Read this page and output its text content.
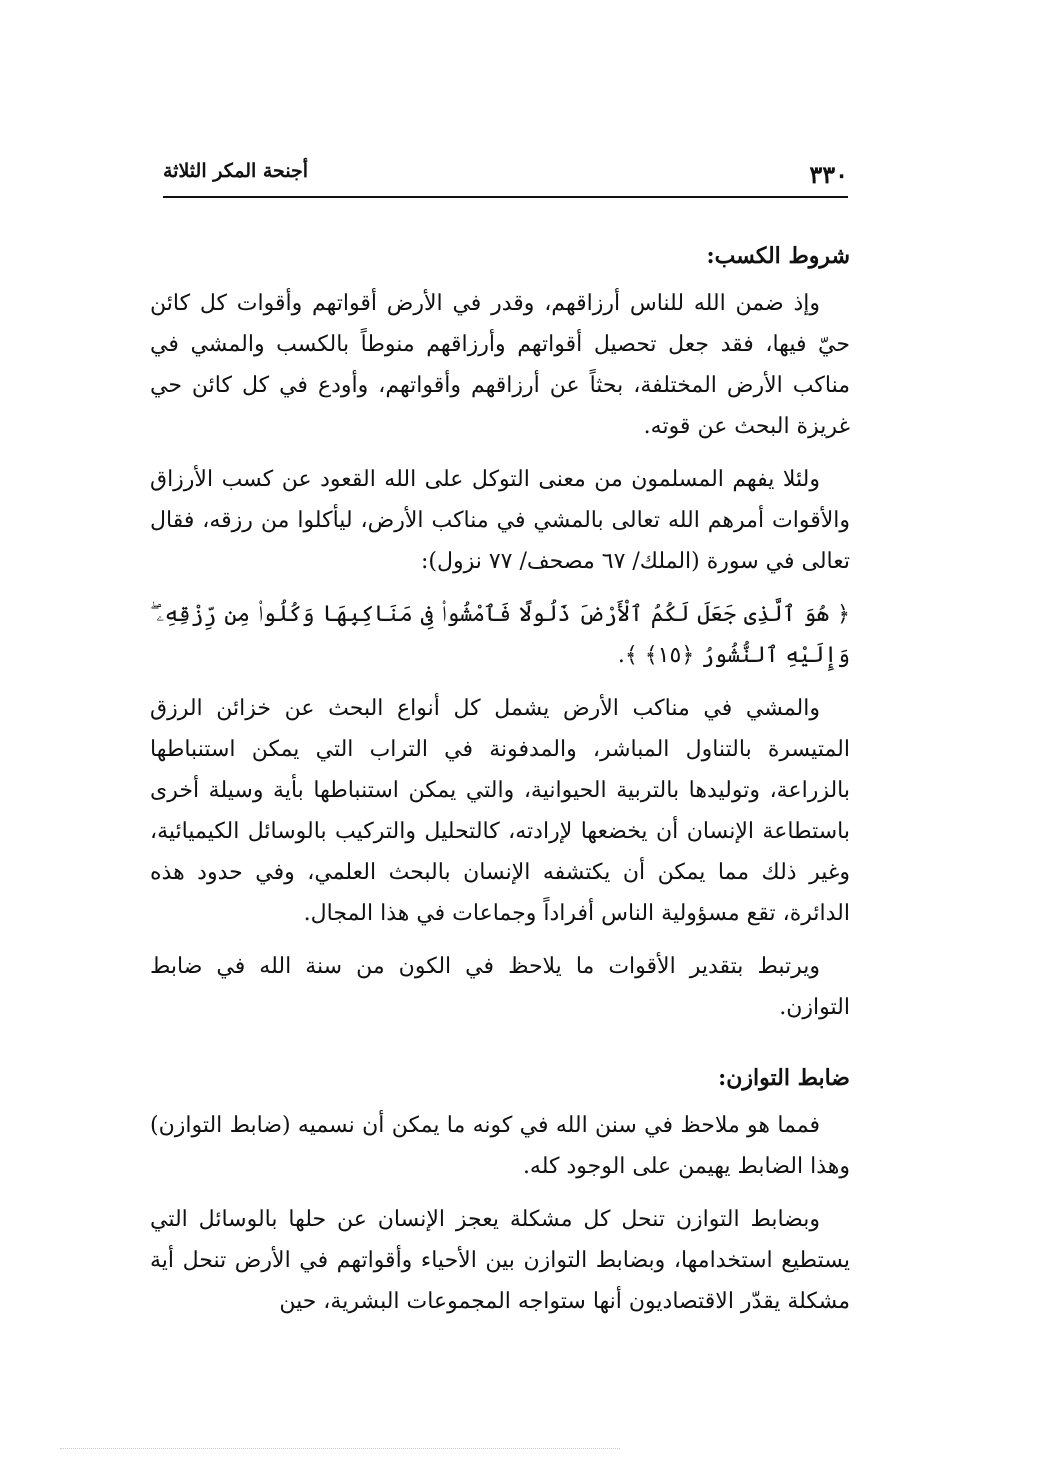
٣٣٠
أجنحة المكر الثلاثة
شروط الكسب:

وإذ ضمن الله للناس أرزاقهم، وقدر في الأرض أقواتهم وأقوات كل كائن حيّ فيها، فقد جعل تحصيل أقواتهم وأرزاقهم منوطاً بالكسب والمشي في مناكب الأرض المختلفة، بحثاً عن أرزاقهم وأقواتهم، وأودع في كل كائن حي غريزة البحث عن قوته.

ولئلا يفهم المسلمون من معنى التوكل على الله القعود عن كسب الأرزاق والأقوات أمرهم الله تعالى بالمشي في مناكب الأرض، ليأكلوا من رزقه، فقال تعالى في سورة (الملك/ ٦٧ مصحف/ ٧٧ نزول):

﴿ هُوَ ٱلَّذِى جَعَلَ لَكُمُ ٱلْأَرْضَ ذَلُولًا فَٱمْشُوا۟ فِى مَنَاكِبِهَا وَكُلُوا۟ مِن رِّزْقِهِۦ ۖ وَإِلَيْهِ ٱلنُّشُورُ ﴿١٥﴾ ﴾.

والمشي في مناكب الأرض يشمل كل أنواع البحث عن خزائن الرزق المتيسرة بالتناول المباشر، والمدفونة في التراب التي يمكن استنباطها بالزراعة، وتوليدها بالتربية الحيوانية، والتي يمكن استنباطها بأية وسيلة أخرى باستطاعة الإنسان أن يخضعها لإرادته، كالتحليل والتركيب بالوسائل الكيميائية، وغير ذلك مما يمكن أن يكتشفه الإنسان بالبحث العلمي، وفي حدود هذه الدائرة، تقع مسؤولية الناس أفراداً وجماعات في هذا المجال.

ويرتبط بتقدير الأقوات ما يلاحظ في الكون من سنة الله في ضابط التوازن.

ضابط التوازن:

فمما هو ملاحظ في سنن الله في كونه ما يمكن أن نسميه (ضابط التوازن) وهذا الضابط يهيمن على الوجود كله.

وبضابط التوازن تنحل كل مشكلة يعجز الإنسان عن حلها بالوسائل التي يستطيع استخدامها، وبضابط التوازن بين الأحياء وأقواتهم في الأرض تنحل أية مشكلة يقدّر الاقتصاديون أنها ستواجه المجموعات البشرية، حين
